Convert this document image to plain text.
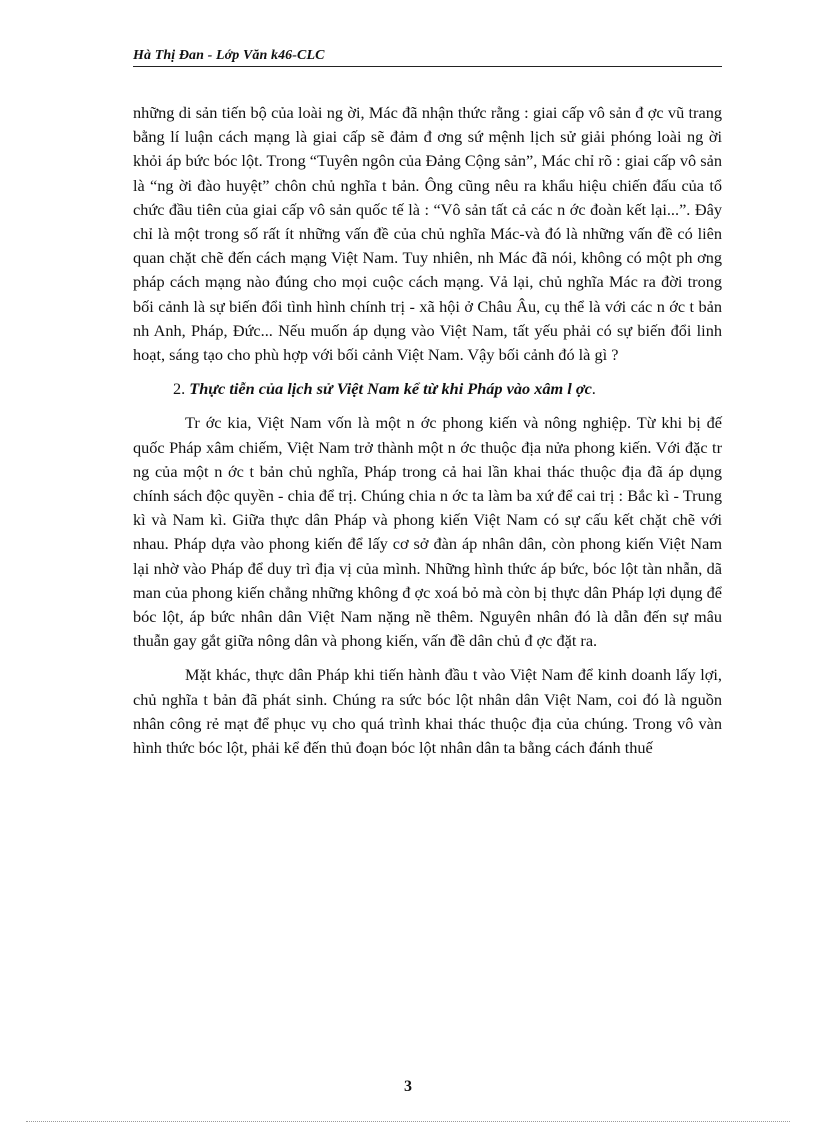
Hà Thị Đan - Lớp Văn k46-CLC

những di sản tiến bộ của loài ng ời, Mác đã nhận thức rằng : giai cấp vô sản đ ợc vũ trang bằng lí luận cách mạng là giai cấp sẽ đảm đ ơng sứ mệnh lịch sử giải phóng loài ng ời khỏi áp bức bóc lột. Trong “Tuyên ngôn của Đảng Cộng sản”, Mác chỉ rõ : giai cấp vô sản là “ng ời đào huyệt” chôn chủ nghĩa t bản. Ông cũng nêu ra khẩu hiệu chiến đấu của tổ chức đầu tiên của giai cấp vô sản quốc tế là : “Vô sản tất cả các n ớc đoàn kết lại...”. Đây chỉ là một trong số rất ít những vấn đề của chủ nghĩa Mác-và đó là những vấn đề có liên quan chặt chẽ đến cách mạng Việt Nam. Tuy nhiên, nh Mác đã nói, không có một ph ơng pháp cách mạng nào đúng cho mọi cuộc cách mạng. Vả lại, chủ nghĩa Mác ra đời trong bối cảnh là sự biến đổi tình hình chính trị - xã hội ở Châu Âu, cụ thể là với các n ớc t bản nh Anh, Pháp, Đức... Nếu muốn áp dụng vào Việt Nam, tất yếu phải có sự biến đổi linh hoạt, sáng tạo cho phù hợp với bối cảnh Việt Nam. Vậy bối cảnh đó là gì ?

2. Thực tiễn của lịch sử Việt Nam kể từ khi Pháp vào xâm l ợc.

Tr ớc kia, Việt Nam vốn là một n ớc phong kiến và nông nghiệp. Từ khi bị đế quốc Pháp xâm chiếm, Việt Nam trở thành một n ớc thuộc địa nửa phong kiến. Với đặc tr ng của một n ớc t bản chủ nghĩa, Pháp trong cả hai lần khai thác thuộc địa đã áp dụng chính sách độc quyền - chia để trị. Chúng chia n ớc ta làm ba xứ để cai trị : Bắc kì - Trung kì và Nam kì. Giữa thực dân Pháp và phong kiến Việt Nam có sự cấu kết chặt chẽ với nhau. Pháp dựa vào phong kiến để lấy cơ sở đàn áp nhân dân, còn phong kiến Việt Nam lại nhờ vào Pháp để duy trì địa vị của mình. Những hình thức áp bức, bóc lột tàn nhẫn, dã man của phong kiến chẳng những không đ ợc xoá bỏ mà còn bị thực dân Pháp lợi dụng để bóc lột, áp bức nhân dân Việt Nam nặng nề thêm. Nguyên nhân đó là dẫn đến sự mâu thuẫn gay gắt giữa nông dân và phong kiến, vấn đề dân chủ đ ợc đặt ra.

Mặt khác, thực dân Pháp khi tiến hành đầu t vào Việt Nam để kinh doanh lấy lợi, chủ nghĩa t bản đã phát sinh. Chúng ra sức bóc lột nhân dân Việt Nam, coi đó là nguồn nhân công rẻ mạt để phục vụ cho quá trình khai thác thuộc địa của chúng. Trong vô vàn hình thức bóc lột, phải kể đến thủ đoạn bóc lột nhân dân ta bằng cách đánh thuế

3
